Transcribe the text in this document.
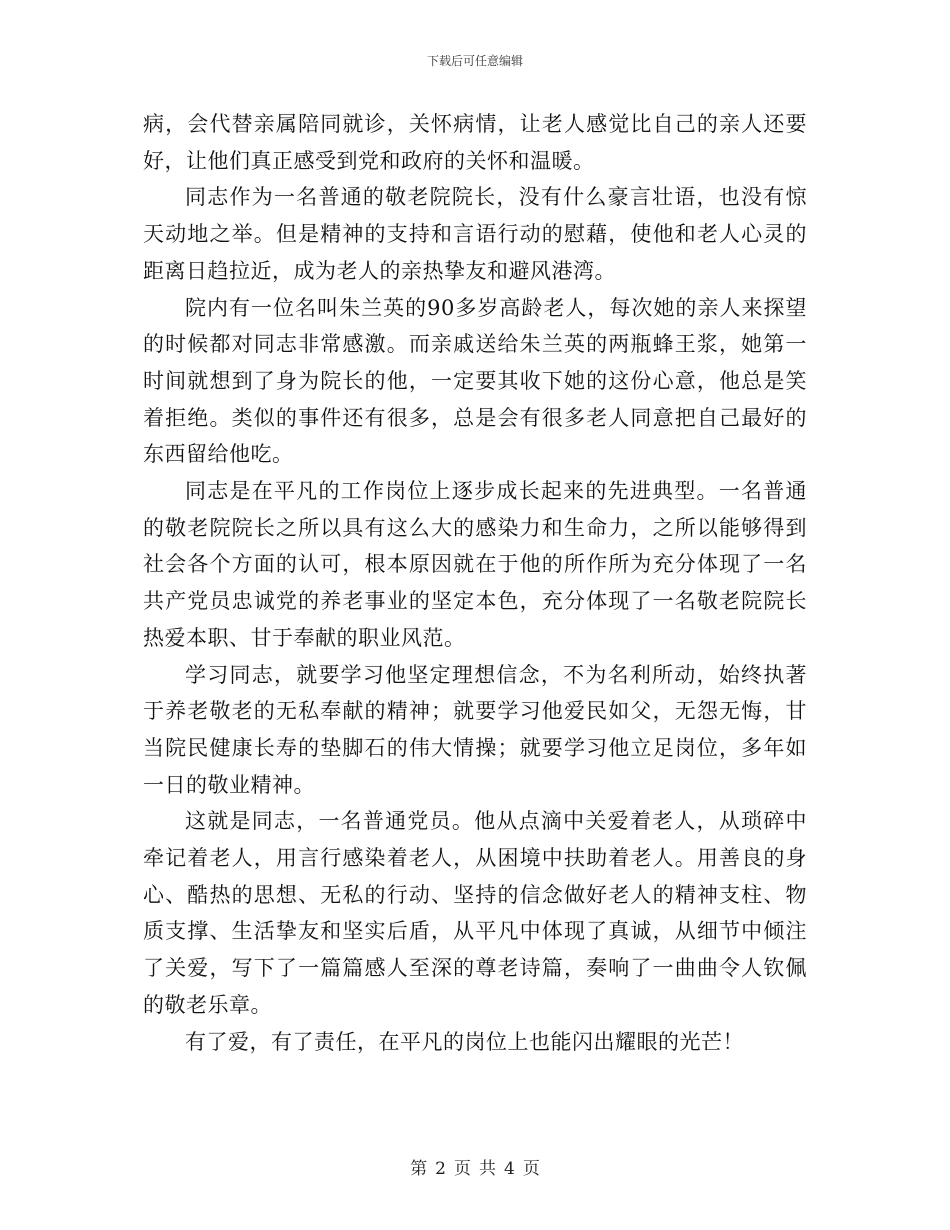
下载后可任意编辑

病，会代替亲属陪同就诊，关怀病情，让老人感觉比自己的亲人还要好，让他们真正感受到党和政府的关怀和温暖。

同志作为一名普通的敬老院院长，没有什么豪言壮语，也没有惊天动地之举。但是精神的支持和言语行动的慰藉，使他和老人心灵的距离日趋拉近，成为老人的亲热挚友和避风港湾。

院内有一位名叫朱兰英的90多岁高龄老人，每次她的亲人来探望的时候都对同志非常感激。而亲戚送给朱兰英的两瓶蜂王浆，她第一时间就想到了身为院长的他，一定要其收下她的这份心意，他总是笑着拒绝。类似的事件还有很多，总是会有很多老人同意把自己最好的东西留给他吃。

同志是在平凡的工作岗位上逐步成长起来的先进典型。一名普通的敬老院院长之所以具有这么大的感染力和生命力，之所以能够得到社会各个方面的认可，根本原因就在于他的所作所为充分体现了一名共产党员忠诚党的养老事业的坚定本色，充分体现了一名敬老院院长热爱本职、甘于奉献的职业风范。

学习同志，就要学习他坚定理想信念，不为名利所动，始终执著于养老敬老的无私奉献的精神；就要学习他爱民如父，无怨无悔，甘当院民健康长寿的垫脚石的伟大情操；就要学习他立足岗位，多年如一日的敬业精神。

这就是同志，一名普通党员。他从点滴中关爱着老人，从琐碎中牵记着老人，用言行感染着老人，从困境中扶助着老人。用善良的身心、酷热的思想、无私的行动、坚持的信念做好老人的精神支柱、物质支撑、生活挚友和坚实后盾，从平凡中体现了真诚，从细节中倾注了关爱，写下了一篇篇感人至深的尊老诗篇，奏响了一曲曲令人钦佩的敬老乐章。

有了爱，有了责任，在平凡的岗位上也能闪出耀眼的光芒！

第 2 页 共 4 页
